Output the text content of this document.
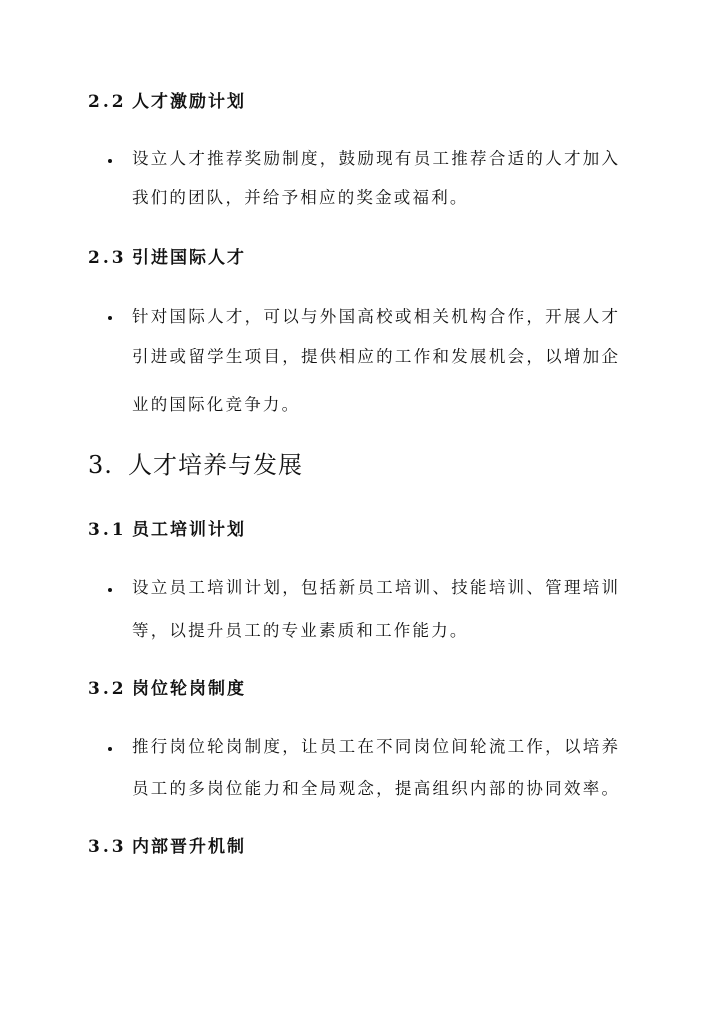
2.2 人才激励计划
设立人才推荐奖励制度，鼓励现有员工推荐合适的人才加入
我们的团队，并给予相应的奖金或福利。
2.3 引进国际人才
针对国际人才，可以与外国高校或相关机构合作，开展人才
引进或留学生项目，提供相应的工作和发展机会，以增加企
业的国际化竞争力。
3. 人才培养与发展
3.1 员工培训计划
设立员工培训计划，包括新员工培训、技能培训、管理培训
等，以提升员工的专业素质和工作能力。
3.2 岗位轮岗制度
推行岗位轮岗制度，让员工在不同岗位间轮流工作，以培养
员工的多岗位能力和全局观念，提高组织内部的协同效率。
3.3 内部晋升机制
